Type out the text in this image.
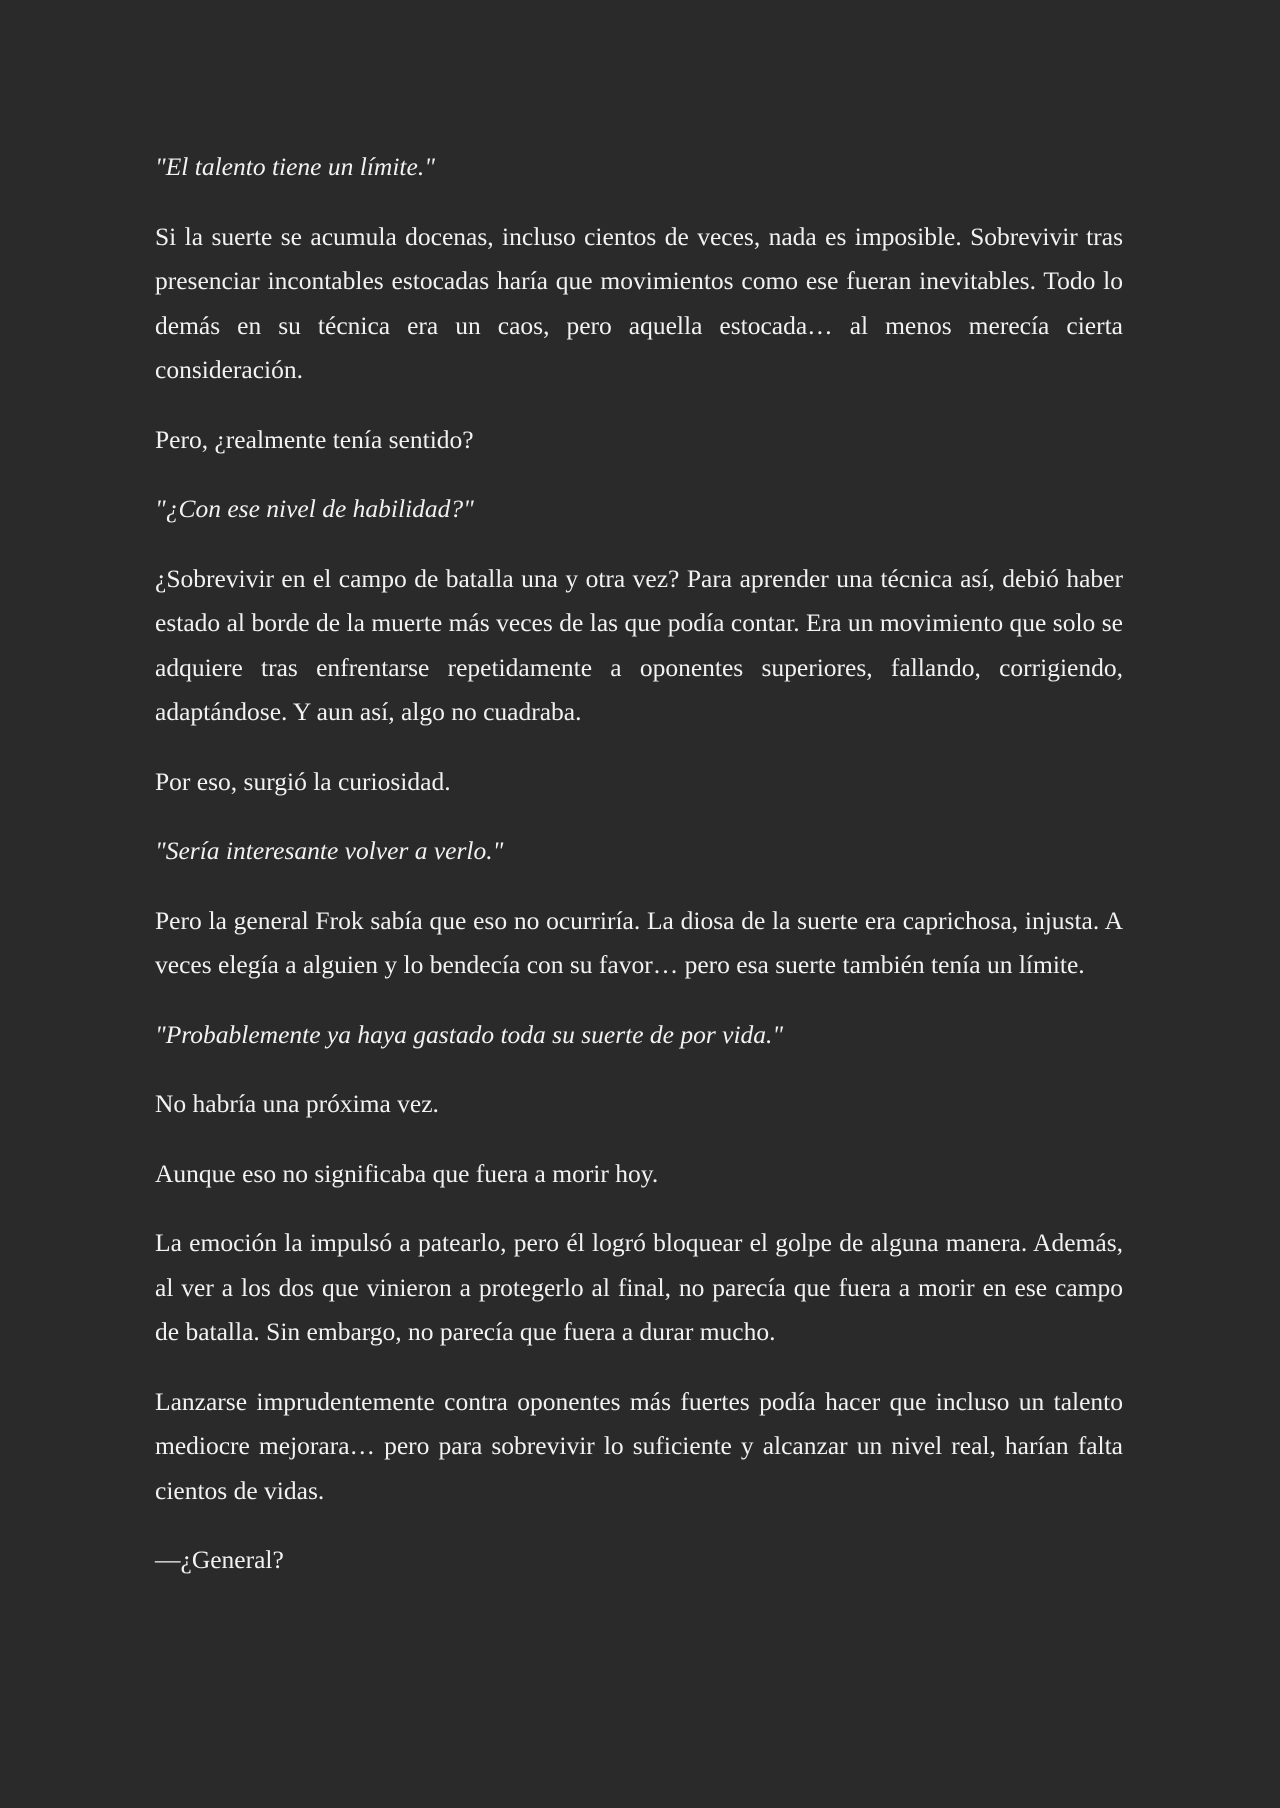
"El talento tiene un límite."

Si la suerte se acumula docenas, incluso cientos de veces, nada es imposible. Sobrevivir tras presenciar incontables estocadas haría que movimientos como ese fueran inevitables. Todo lo demás en su técnica era un caos, pero aquella estocada… al menos merecía cierta consideración.

Pero, ¿realmente tenía sentido?

"¿Con ese nivel de habilidad?"

¿Sobrevivir en el campo de batalla una y otra vez? Para aprender una técnica así, debió haber estado al borde de la muerte más veces de las que podía contar. Era un movimiento que solo se adquiere tras enfrentarse repetidamente a oponentes superiores, fallando, corrigiendo, adaptándose. Y aun así, algo no cuadraba.

Por eso, surgió la curiosidad.

"Sería interesante volver a verlo."

Pero la general Frok sabía que eso no ocurriría. La diosa de la suerte era caprichosa, injusta. A veces elegía a alguien y lo bendecía con su favor… pero esa suerte también tenía un límite.

"Probablemente ya haya gastado toda su suerte de por vida."

No habría una próxima vez.

Aunque eso no significaba que fuera a morir hoy.

La emoción la impulsó a patearlo, pero él logró bloquear el golpe de alguna manera. Además, al ver a los dos que vinieron a protegerlo al final, no parecía que fuera a morir en ese campo de batalla. Sin embargo, no parecía que fuera a durar mucho.

Lanzarse imprudentemente contra oponentes más fuertes podía hacer que incluso un talento mediocre mejorara… pero para sobrevivir lo suficiente y alcanzar un nivel real, harían falta cientos de vidas.

—¿General?
